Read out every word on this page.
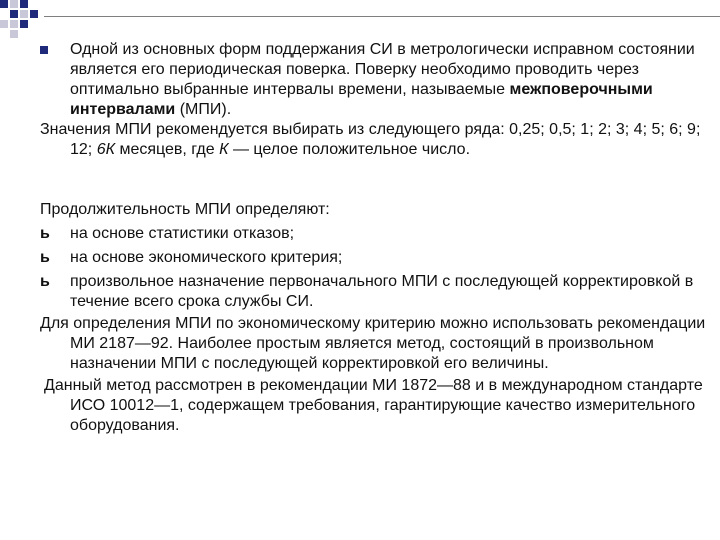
Одной из основных форм поддержания СИ в метрологически исправном состоянии является его периодическая поверка. Поверку необходимо проводить через оптимально выбранные интервалы времени, называемые межповерочными интервалами (МПИ).

Значения МПИ рекомендуется выбирать из следующего ряда: 0,25; 0,5; 1; 2; 3; 4; 5; 6; 9; 12; 6К месяцев, где К — целое положительное число.

Продолжительность МПИ определяют:

ь на основе статистики отказов;

ь на основе экономического критерия;

ь произвольное назначение первоначального МПИ с последующей корректировкой в течение всего срока службы СИ.

Для определения МПИ по экономическому критерию можно использовать рекомендации МИ 2187—92. Наиболее простым является метод, состоящий в произвольном назначении МПИ с последующей корректировкой его величины.

Данный метод рассмотрен в рекомендации МИ 1872—88 и в международном стандарте ИСО 10012—1, содержащем требования, гарантирующие качество измерительного оборудования.
